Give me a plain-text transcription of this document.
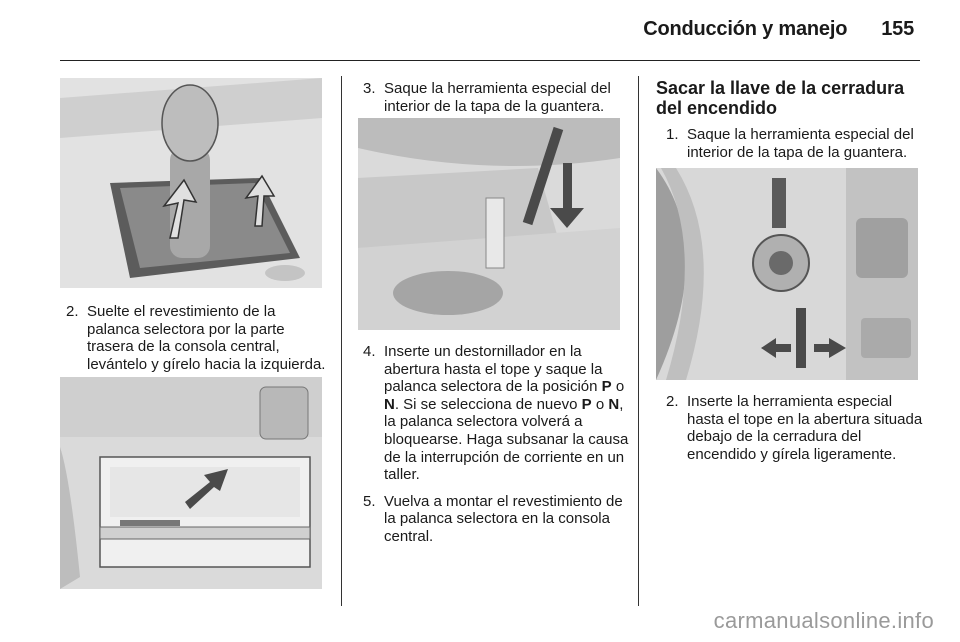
Conducción y manejo 155
2. Suelte el revestimiento de la palanca selectora por la parte trasera de la consola central, levántelo y gírelo hacia la izquierda.
3. Saque la herramienta especial del interior de la tapa de la guantera.
4. Inserte un destornillador en la abertura hasta el tope y saque la palanca selectora de la posición P o N. Si se selecciona de nuevo P o N, la palanca selectora volverá a bloquearse. Haga subsanar la causa de la interrupción de corriente en un taller.
5. Vuelva a montar el revestimiento de la palanca selectora en la consola central.
Sacar la llave de la cerradura del encendido
1. Saque la herramienta especial del interior de la tapa de la guantera.
2. Inserte la herramienta especial hasta el tope en la abertura situada debajo de la cerradura del encendido y gírela ligeramente.
carmanualsonline.info
